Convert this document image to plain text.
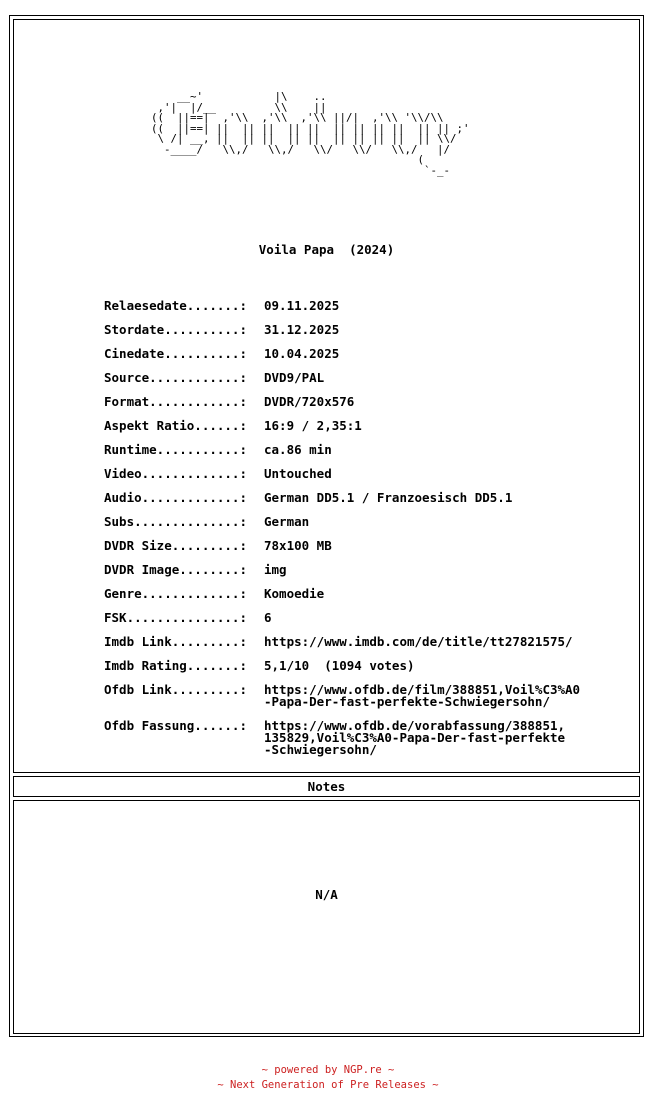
__~'           |\    ..
,'|  |/__         \\    ||
((  ||==|  ,'\\  ,'\\  ,'\\ ||/|  ,'\\ '\\/\\
((  ||==| ||  || ||  || ||  || || || ||  || || ;'
\ /| __, ||  || ||  || ||  || || || ||  || \\/
-____/   \\,/   \\,/   \\/   \\/   \\,/   |/
(
`-_-
Voila Papa  (2024)
Relaesedate.......:	09.11.2025
Stordate..........:	31.12.2025
Cinedate..........:	10.04.2025
Source............:	DVD9/PAL
Format............:	DVDR/720x576
Aspekt Ratio......:	16:9 / 2,35:1
Runtime...........:	ca.86 min
Video.............:	Untouched
Audio.............:	German DD5.1 / Franzoesisch DD5.1
Subs..............:	German
DVDR Size.........:	78x100 MB
DVDR Image........:	img
Genre.............:	Komoedie
FSK...............:	6
Imdb Link.........:	https://www.imdb.com/de/title/tt27821575/
Imdb Rating.......:	5,1/10  (1094 votes)
Ofdb Link.........:	https://www.ofdb.de/film/388851,Voil%C3%A0
-Papa-Der-fast-perfekte-Schwiegersohn/
Ofdb Fassung......:	https://www.ofdb.de/vorabfassung/388851,
135829,Voil%C3%A0-Papa-Der-fast-perfekte
-Schwiegersohn/
Notes
N/A
~ powered by NGP.re ~
~ Next Generation of Pre Releases ~
